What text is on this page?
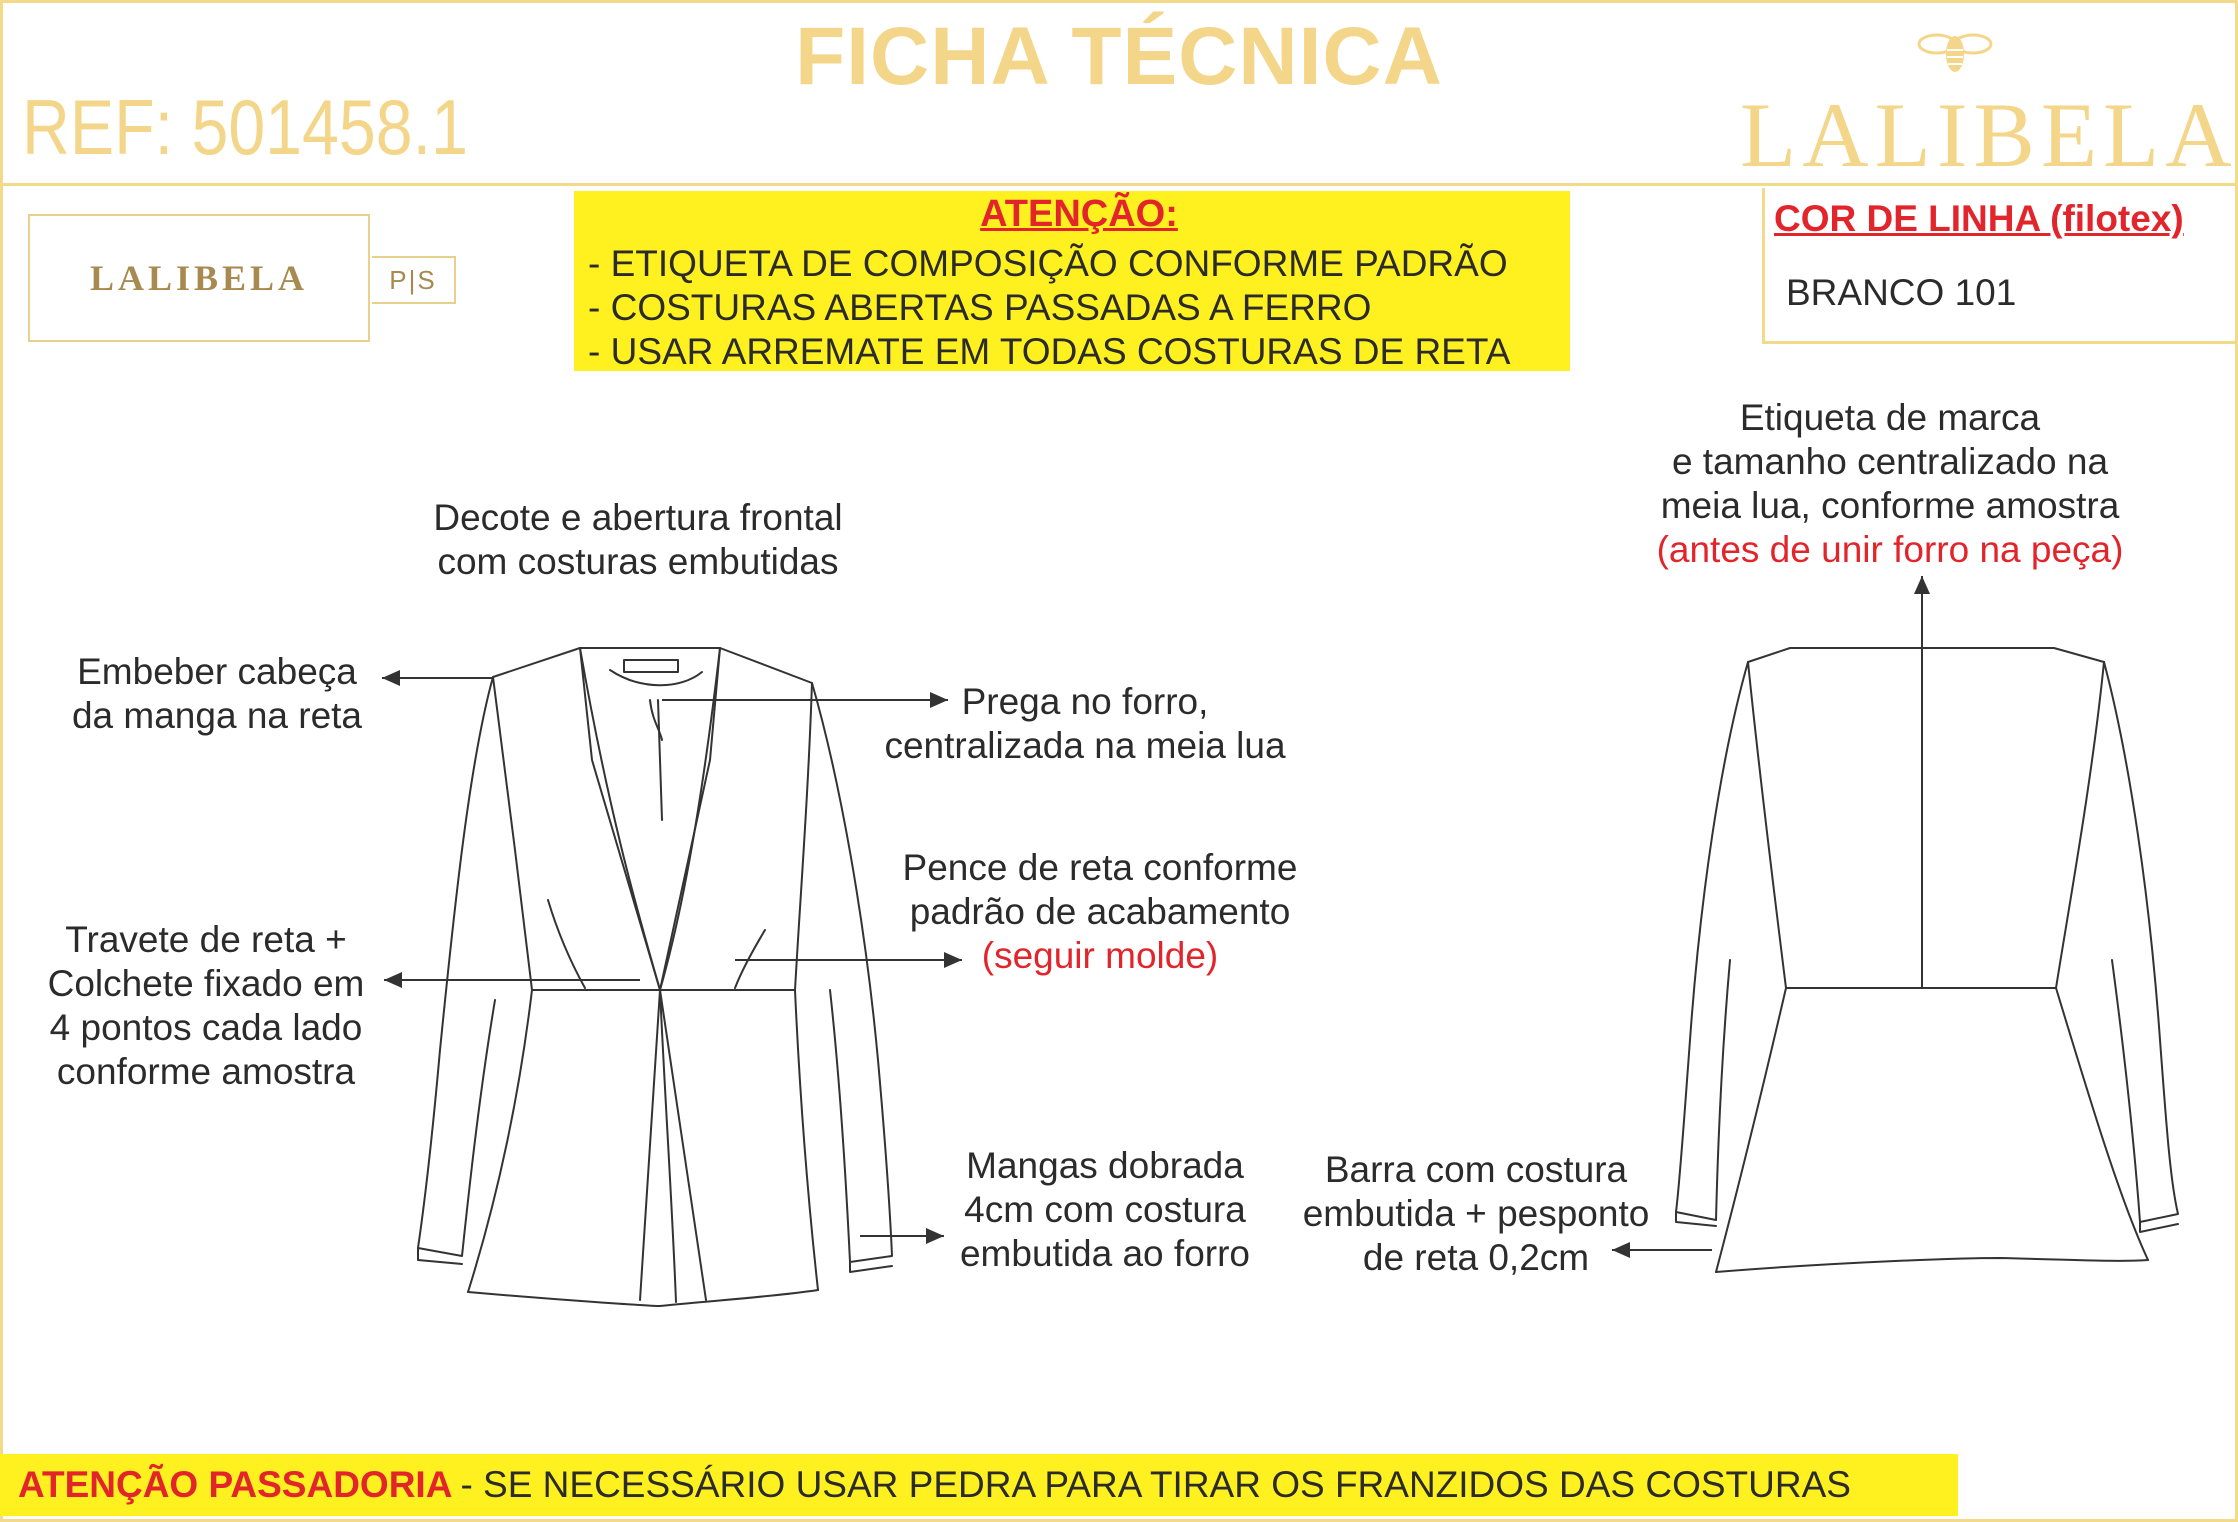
FICHA TÉCNICA
REF: 501458.1	LALIBELA
LALIBELA	P|S
ATENÇÃO:
- ETIQUETA DE COMPOSIÇÃO CONFORME PADRÃO
- COSTURAS ABERTAS PASSADAS A FERRO
- USAR ARREMATE EM TODAS COSTURAS DE RETA
COR DE LINHA (filotex)
BRANCO 101
Decote e abertura frontal
com costuras embutidas
Embeber cabeça
da manga na reta	Prega no forro,
centralizada na meia lua
Pence de reta conforme
padrão de acabamento
(seguir molde)
Travete de reta +
Colchete fixado em
4 pontos cada lado
conforme amostra
Mangas dobrada
4cm com costura
embutida ao forro
Etiqueta de marca
e tamanho centralizado na
meia lua, conforme amostra
(antes de unir forro na peça)
Barra com costura
embutida + pesponto
de reta 0,2cm
ATENÇÃO PASSADORIA - SE NECESSÁRIO USAR PEDRA PARA TIRAR OS FRANZIDOS DAS COSTURAS
